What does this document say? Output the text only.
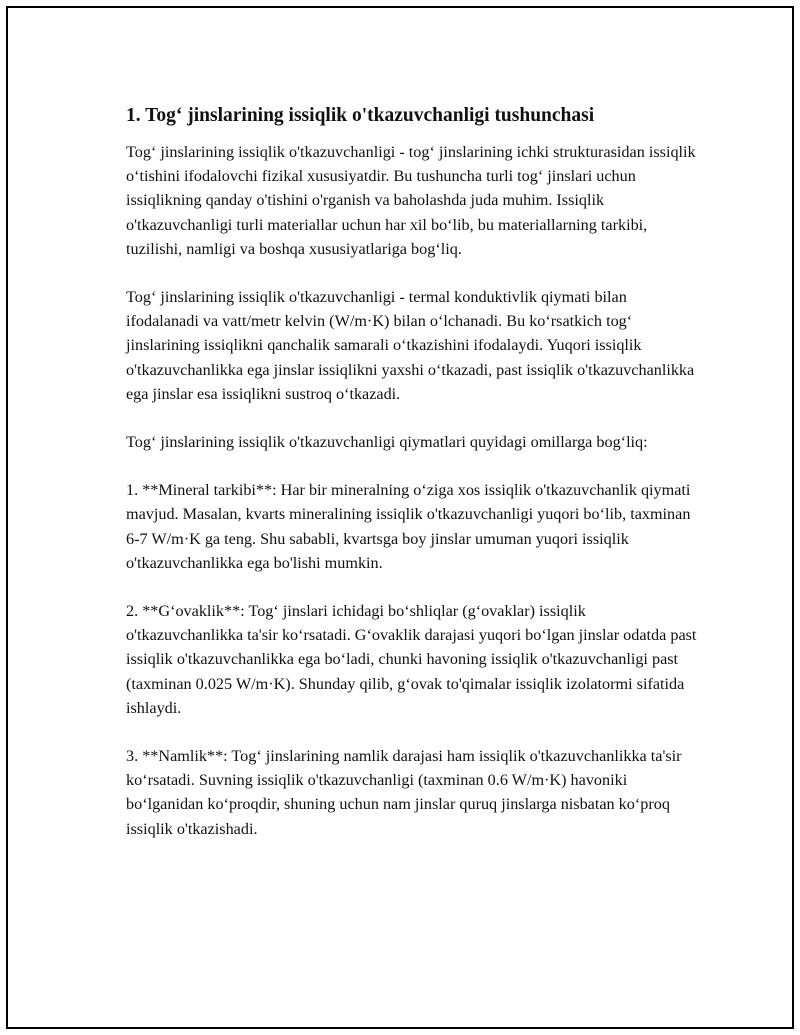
1. Tog‘ jinslarining issiqlik o'tkazuvchanligi tushunchasi

Tog‘ jinslarining issiqlik o'tkazuvchanligi - tog‘ jinslarining ichki strukturasidan issiqlik o‘tishini ifodalovchi fizikal xususiyatdir. Bu tushuncha turli tog‘ jinslari uchun issiqlikning qanday o'tishini o'rganish va baholashda juda muhim. Issiqlik o'tkazuvchanligi turli materiallar uchun har xil bo‘lib, bu materiallarning tarkibi, tuzilishi, namligi va boshqa xususiyatlariga bog‘liq.

Tog‘ jinslarining issiqlik o'tkazuvchanligi - termal konduktivlik qiymati bilan ifodalanadi va vatt/metr kelvin (W/m·K) bilan o‘lchanadi. Bu ko‘rsatkich tog‘ jinslarining issiqlikni qanchalik samarali o‘tkazishini ifodalaydi. Yuqori issiqlik o'tkazuvchanlikka ega jinslar issiqlikni yaxshi o‘tkazadi, past issiqlik o'tkazuvchanlikka ega jinslar esa issiqlikni sustroq o‘tkazadi.

Tog‘ jinslarining issiqlik o'tkazuvchanligi qiymatlari quyidagi omillarga bog‘liq:

1. **Mineral tarkibi**: Har bir mineralning o‘ziga xos issiqlik o'tkazuvchanlik qiymati mavjud. Masalan, kvarts mineralining issiqlik o'tkazuvchanligi yuqori bo‘lib, taxminan 6-7 W/m·K ga teng. Shu sababli, kvartsga boy jinslar umuman yuqori issiqlik o'tkazuvchanlikka ega bo'lishi mumkin.

2. **G‘ovaklik**: Tog‘ jinslari ichidagi bo‘shliqlar (g‘ovaklar) issiqlik o'tkazuvchanlikka ta'sir ko‘rsatadi. G‘ovaklik darajasi yuqori bo‘lgan jinslar odatda past issiqlik o'tkazuvchanlikka ega bo‘ladi, chunki havoning issiqlik o'tkazuvchanligi past (taxminan 0.025 W/m·K). Shunday qilib, g‘ovak to'qimalar issiqlik izolatormi sifatida ishlaydi.

3. **Namlik**: Tog‘ jinslarining namlik darajasi ham issiqlik o'tkazuvchanlikka ta'sir ko‘rsatadi. Suvning issiqlik o'tkazuvchanligi (taxminan 0.6 W/m·K) havoniki bo‘lganidan ko‘proqdir, shuning uchun nam jinslar quruq jinslarga nisbatan ko‘proq issiqlik o'tkazishadi.
